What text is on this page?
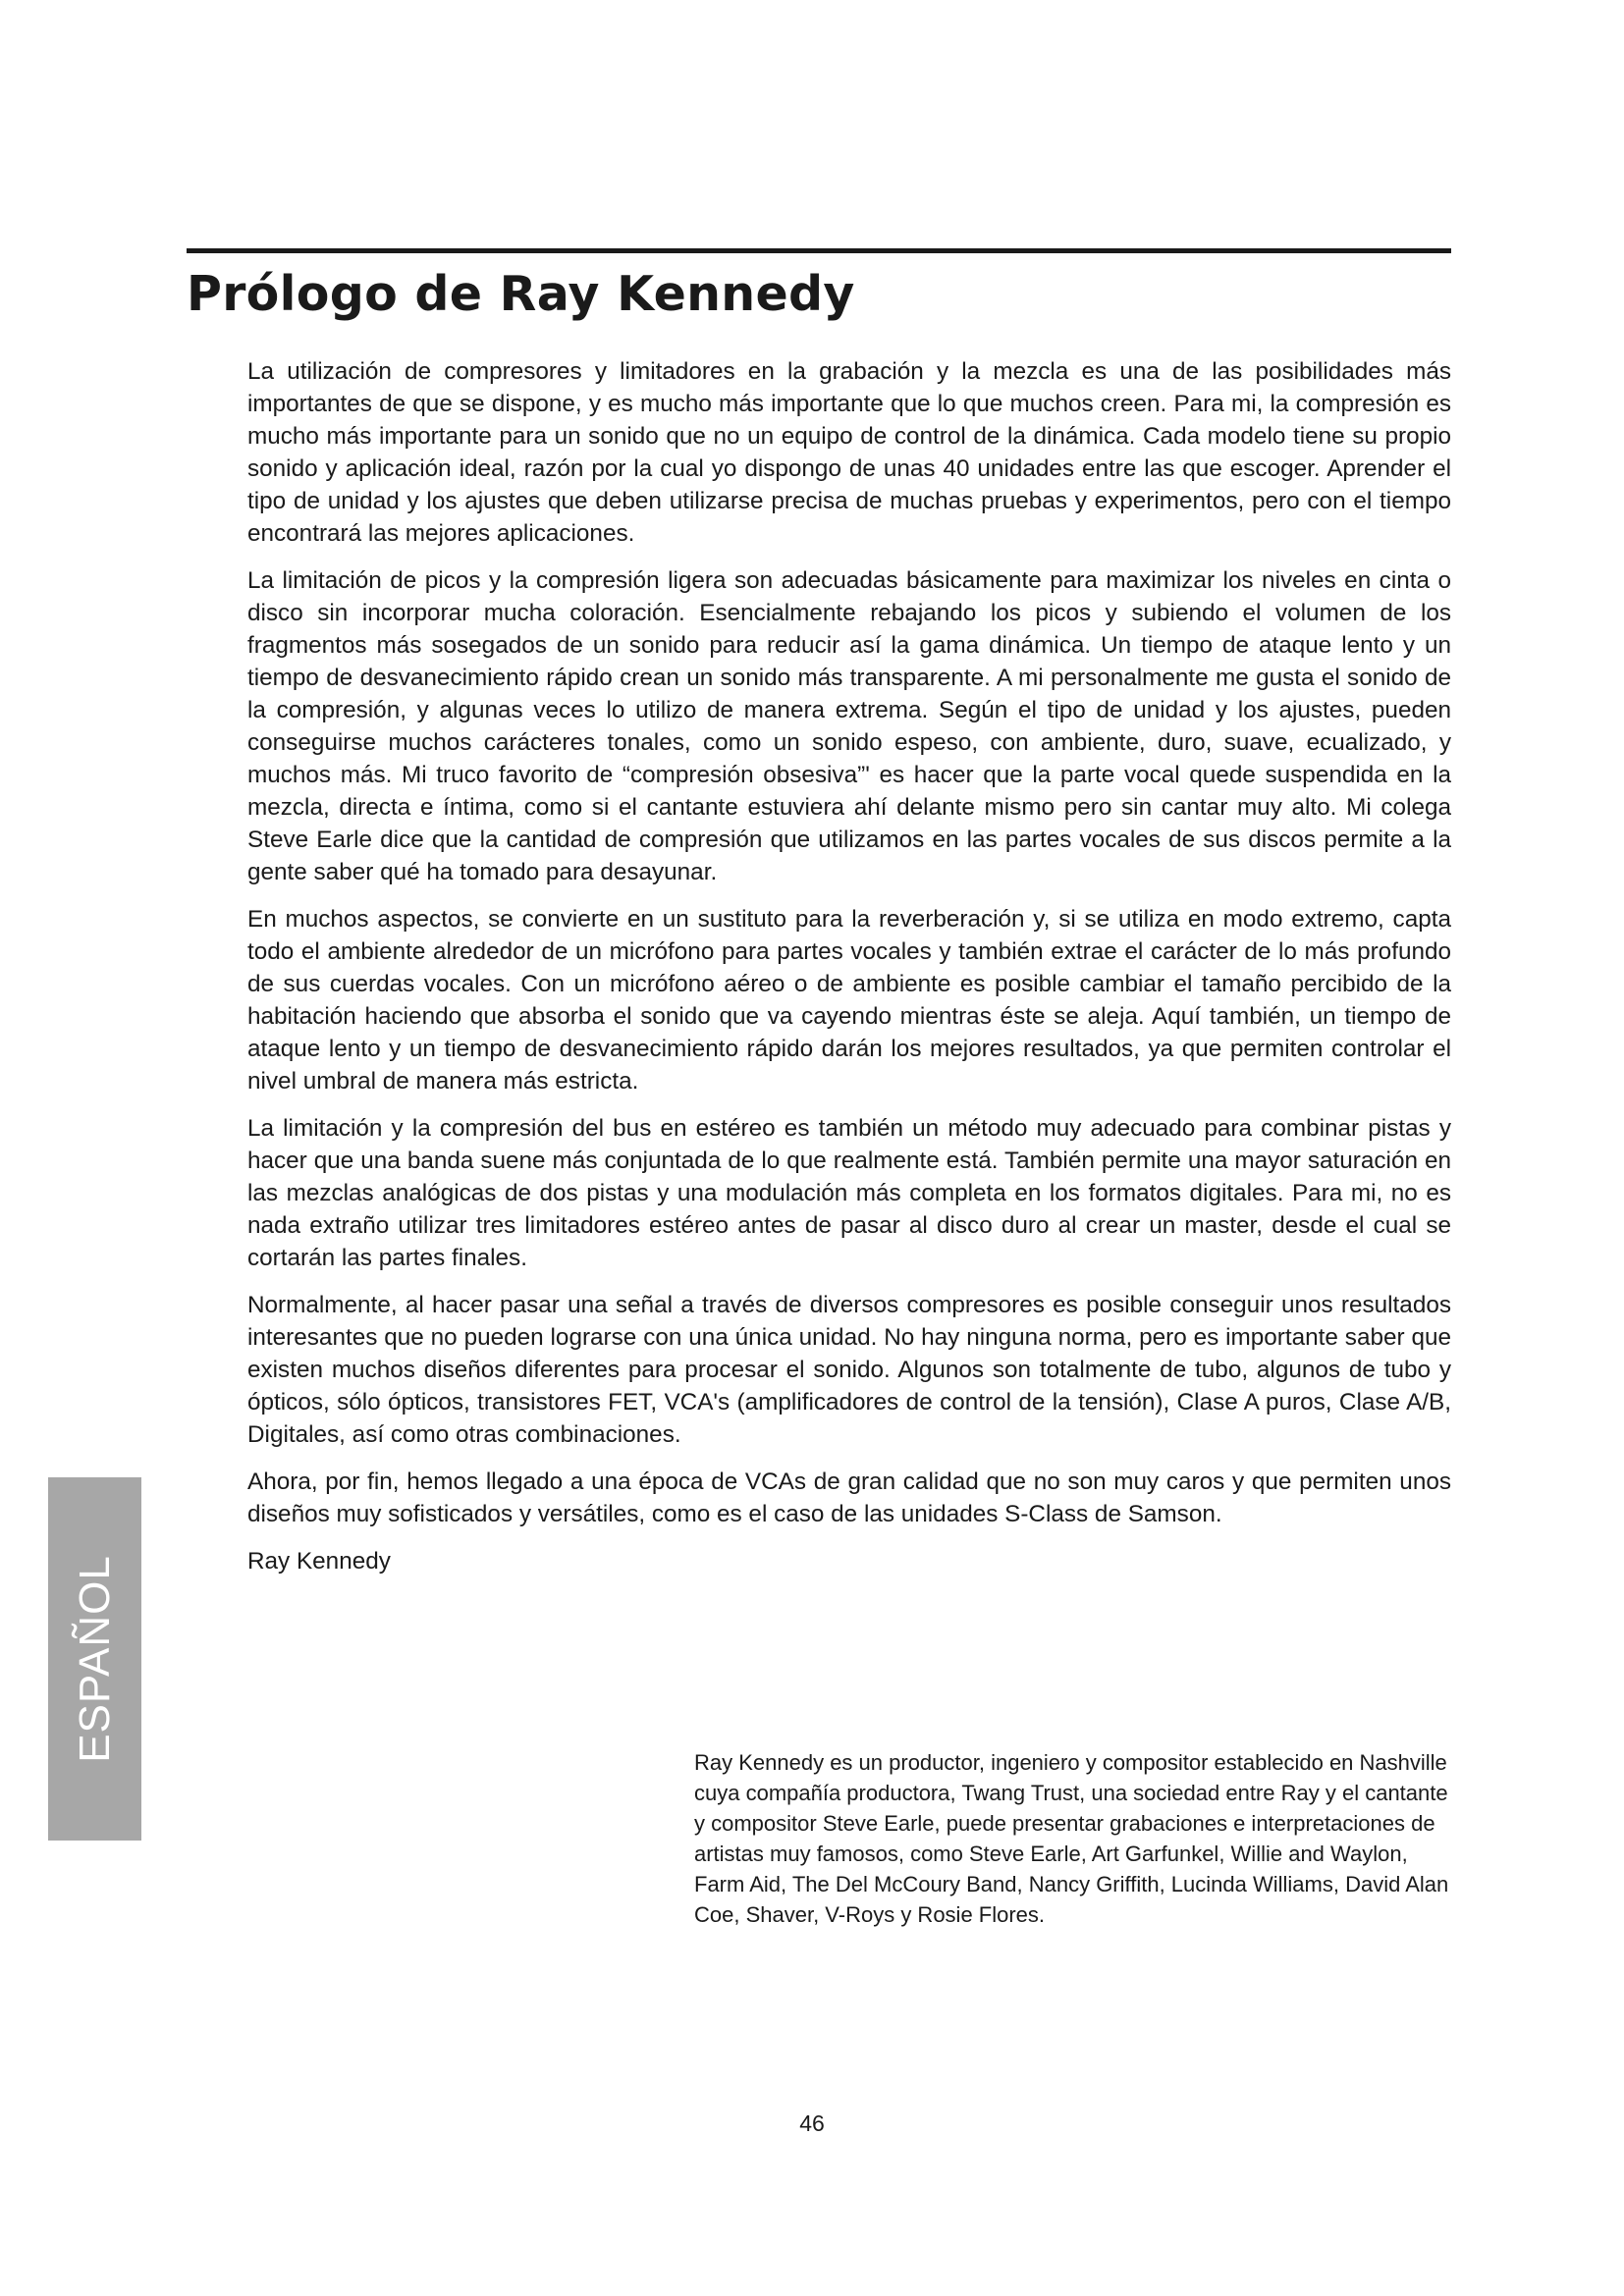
Prólogo de Ray Kennedy

La utilización de compresores y limitadores en la grabación y la mezcla es una de las posibilidades más importantes de que se dispone, y es mucho más importante que lo que muchos creen. Para mi, la compresión es mucho más importante para un sonido que no un equipo de control de la dinámica. Cada modelo tiene su propio sonido y aplicación ideal, razón por la cual yo dispongo de unas 40 unidades entre las que escoger. Aprender el tipo de unidad y los ajustes que deben utilizarse precisa de muchas pruebas y experimentos, pero con el tiempo encontrará las mejores aplicaciones.

La limitación de picos y la compresión ligera son adecuadas básicamente para maximizar los niveles en cinta o disco sin incorporar mucha coloración. Esencialmente rebajando los picos y subiendo el volumen de los fragmentos más sosegados de un sonido para reducir así la gama dinámica. Un tiempo de ataque lento y un tiempo de desvanecimiento rápido crean un sonido más transparente. A mi personalmente me gusta el sonido de la compresión, y algunas veces lo utilizo de manera extrema. Según el tipo de unidad y los ajustes, pueden conseguirse muchos carácteres tonales, como un sonido espeso, con ambiente, duro, suave, ecualizado, y muchos más. Mi truco favorito de “compresión obsesiva”' es hacer que la parte vocal quede suspendida en la mezcla, directa e íntima, como si el cantante estuviera ahí delante mismo pero sin cantar muy alto. Mi colega Steve Earle dice que la cantidad de compresión que utilizamos en las partes vocales de sus discos permite a la gente saber qué ha tomado para desayunar.

En muchos aspectos, se convierte en un sustituto para la reverberación y, si se utiliza en modo extremo, capta todo el ambiente alrededor de un micrófono para partes vocales y también extrae el carácter de lo más profundo de sus cuerdas vocales. Con un micrófono aéreo o de ambiente es posible cambiar el tamaño percibido de la habitación haciendo que absorba el sonido que va cayendo mientras éste se aleja. Aquí también, un tiempo de ataque lento y un tiempo de desvanecimiento rápido darán los mejores resultados, ya que permiten controlar el nivel umbral de manera más estricta.

La limitación y la compresión del bus en estéreo es también un método muy adecuado para combinar pistas y hacer que una banda suene más conjuntada de lo que realmente está. También permite una mayor saturación en las mezclas analógicas de dos pistas y una modulación más completa en los formatos digitales. Para mi, no es nada extraño utilizar tres limitadores estéreo antes de pasar al disco duro al crear un master, desde el cual se cortarán las partes finales.

Normalmente, al hacer pasar una señal a través de diversos compresores es posible conseguir unos resultados interesantes que no pueden lograrse con una única unidad. No hay ninguna norma, pero es importante saber que existen muchos diseños diferentes para procesar el sonido. Algunos son totalmente de tubo, algunos de tubo y ópticos, sólo ópticos, transistores FET, VCA's (amplificadores de control de la tensión), Clase A puros, Clase A/B, Digitales, así como otras combinaciones.

Ahora, por fin, hemos llegado a una época de VCAs de gran calidad que no son muy caros y que permiten unos diseños muy sofisticados y versátiles, como es el caso de las unidades S-Class de Samson.

Ray Kennedy

Ray Kennedy es un productor, ingeniero y compositor establecido en Nashville cuya compañía productora, Twang Trust, una sociedad entre Ray y el cantante y compositor Steve Earle, puede presentar grabaciones e interpretaciones de artistas muy famosos, como Steve Earle, Art Garfunkel, Willie and Waylon, Farm Aid, The Del McCoury Band, Nancy Griffith, Lucinda Williams, David Alan Coe, Shaver, V-Roys y Rosie Flores.

ESPAÑOL
46
